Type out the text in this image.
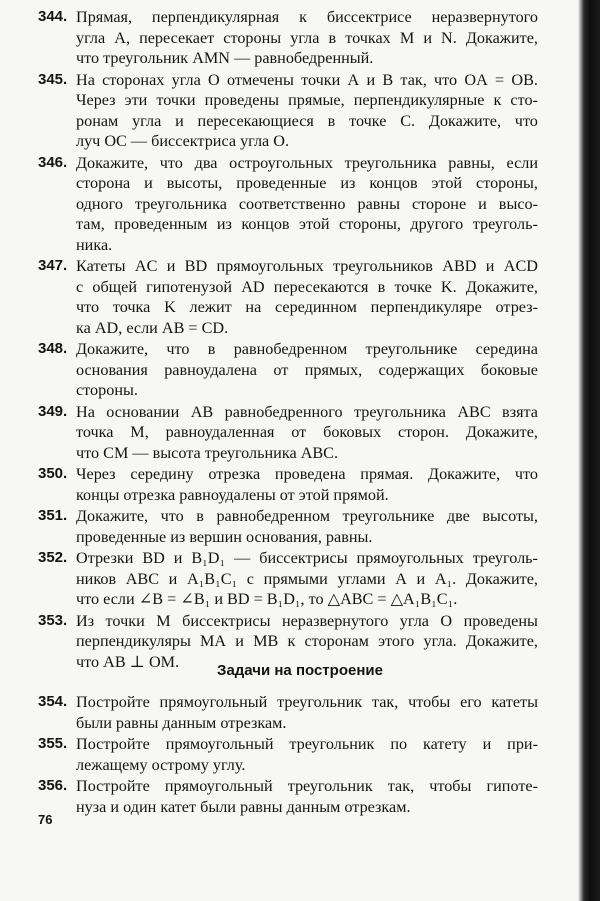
344. Прямая, перпендикулярная к биссектрисе неразвернутого
угла A, пересекает стороны угла в точках M и N. Докажите,
что треугольник AMN — равнобедренный.
345. На сторонах угла O отмечены точки A и B так, что OA = OB.
Через эти точки проведены прямые, перпендикулярные к сто-
ронам угла и пересекающиеся в точке C. Докажите, что
луч OC — биссектриса угла O.
346. Докажите, что два остроугольных треугольника равны, если
сторона и высоты, проведенные из концов этой стороны,
одного треугольника соответственно равны стороне и высо-
там, проведенным из концов этой стороны, другого треуголь-
ника.
347. Катеты AC и BD прямоугольных треугольников ABD и ACD
с общей гипотенузой AD пересекаются в точке K. Докажите,
что точка K лежит на серединном перпендикуляре отрез-
ка AD, если AB = CD.
348. Докажите, что в равнобедренном треугольнике середина
основания равноудалена от прямых, содержащих боковые
стороны.
349. На основании AB равнобедренного треугольника ABC взята
точка M, равноудаленная от боковых сторон. Докажите,
что CM — высота треугольника ABC.
350. Через середину отрезка проведена прямая. Докажите, что
концы отрезка равноудалены от этой прямой.
351. Докажите, что в равнобедренном треугольнике две высоты,
проведенные из вершин основания, равны.
352. Отрезки BD и B₁D₁ — биссектрисы прямоугольных треуголь-
ников ABC и A₁B₁C₁ с прямыми углами A и A₁. Докажите,
что если ∠B = ∠B₁ и BD = B₁D₁, то △ABC = △A₁B₁C₁.
353. Из точки M биссектрисы неразвернутого угла O проведены
перпендикуляры MA и MB к сторонам этого угла. Докажите,
что AB ⊥ OM.	Задачи на построение
354. Постройте прямоугольный треугольник так, чтобы его катеты
были равны данным отрезкам.
355. Постройте прямоугольный треугольник по катету и при-
лежащему острому углу.
356. Постройте прямоугольный треугольник так, чтобы гипоте-
нуза и один катет были равны данным отрезкам.
76
